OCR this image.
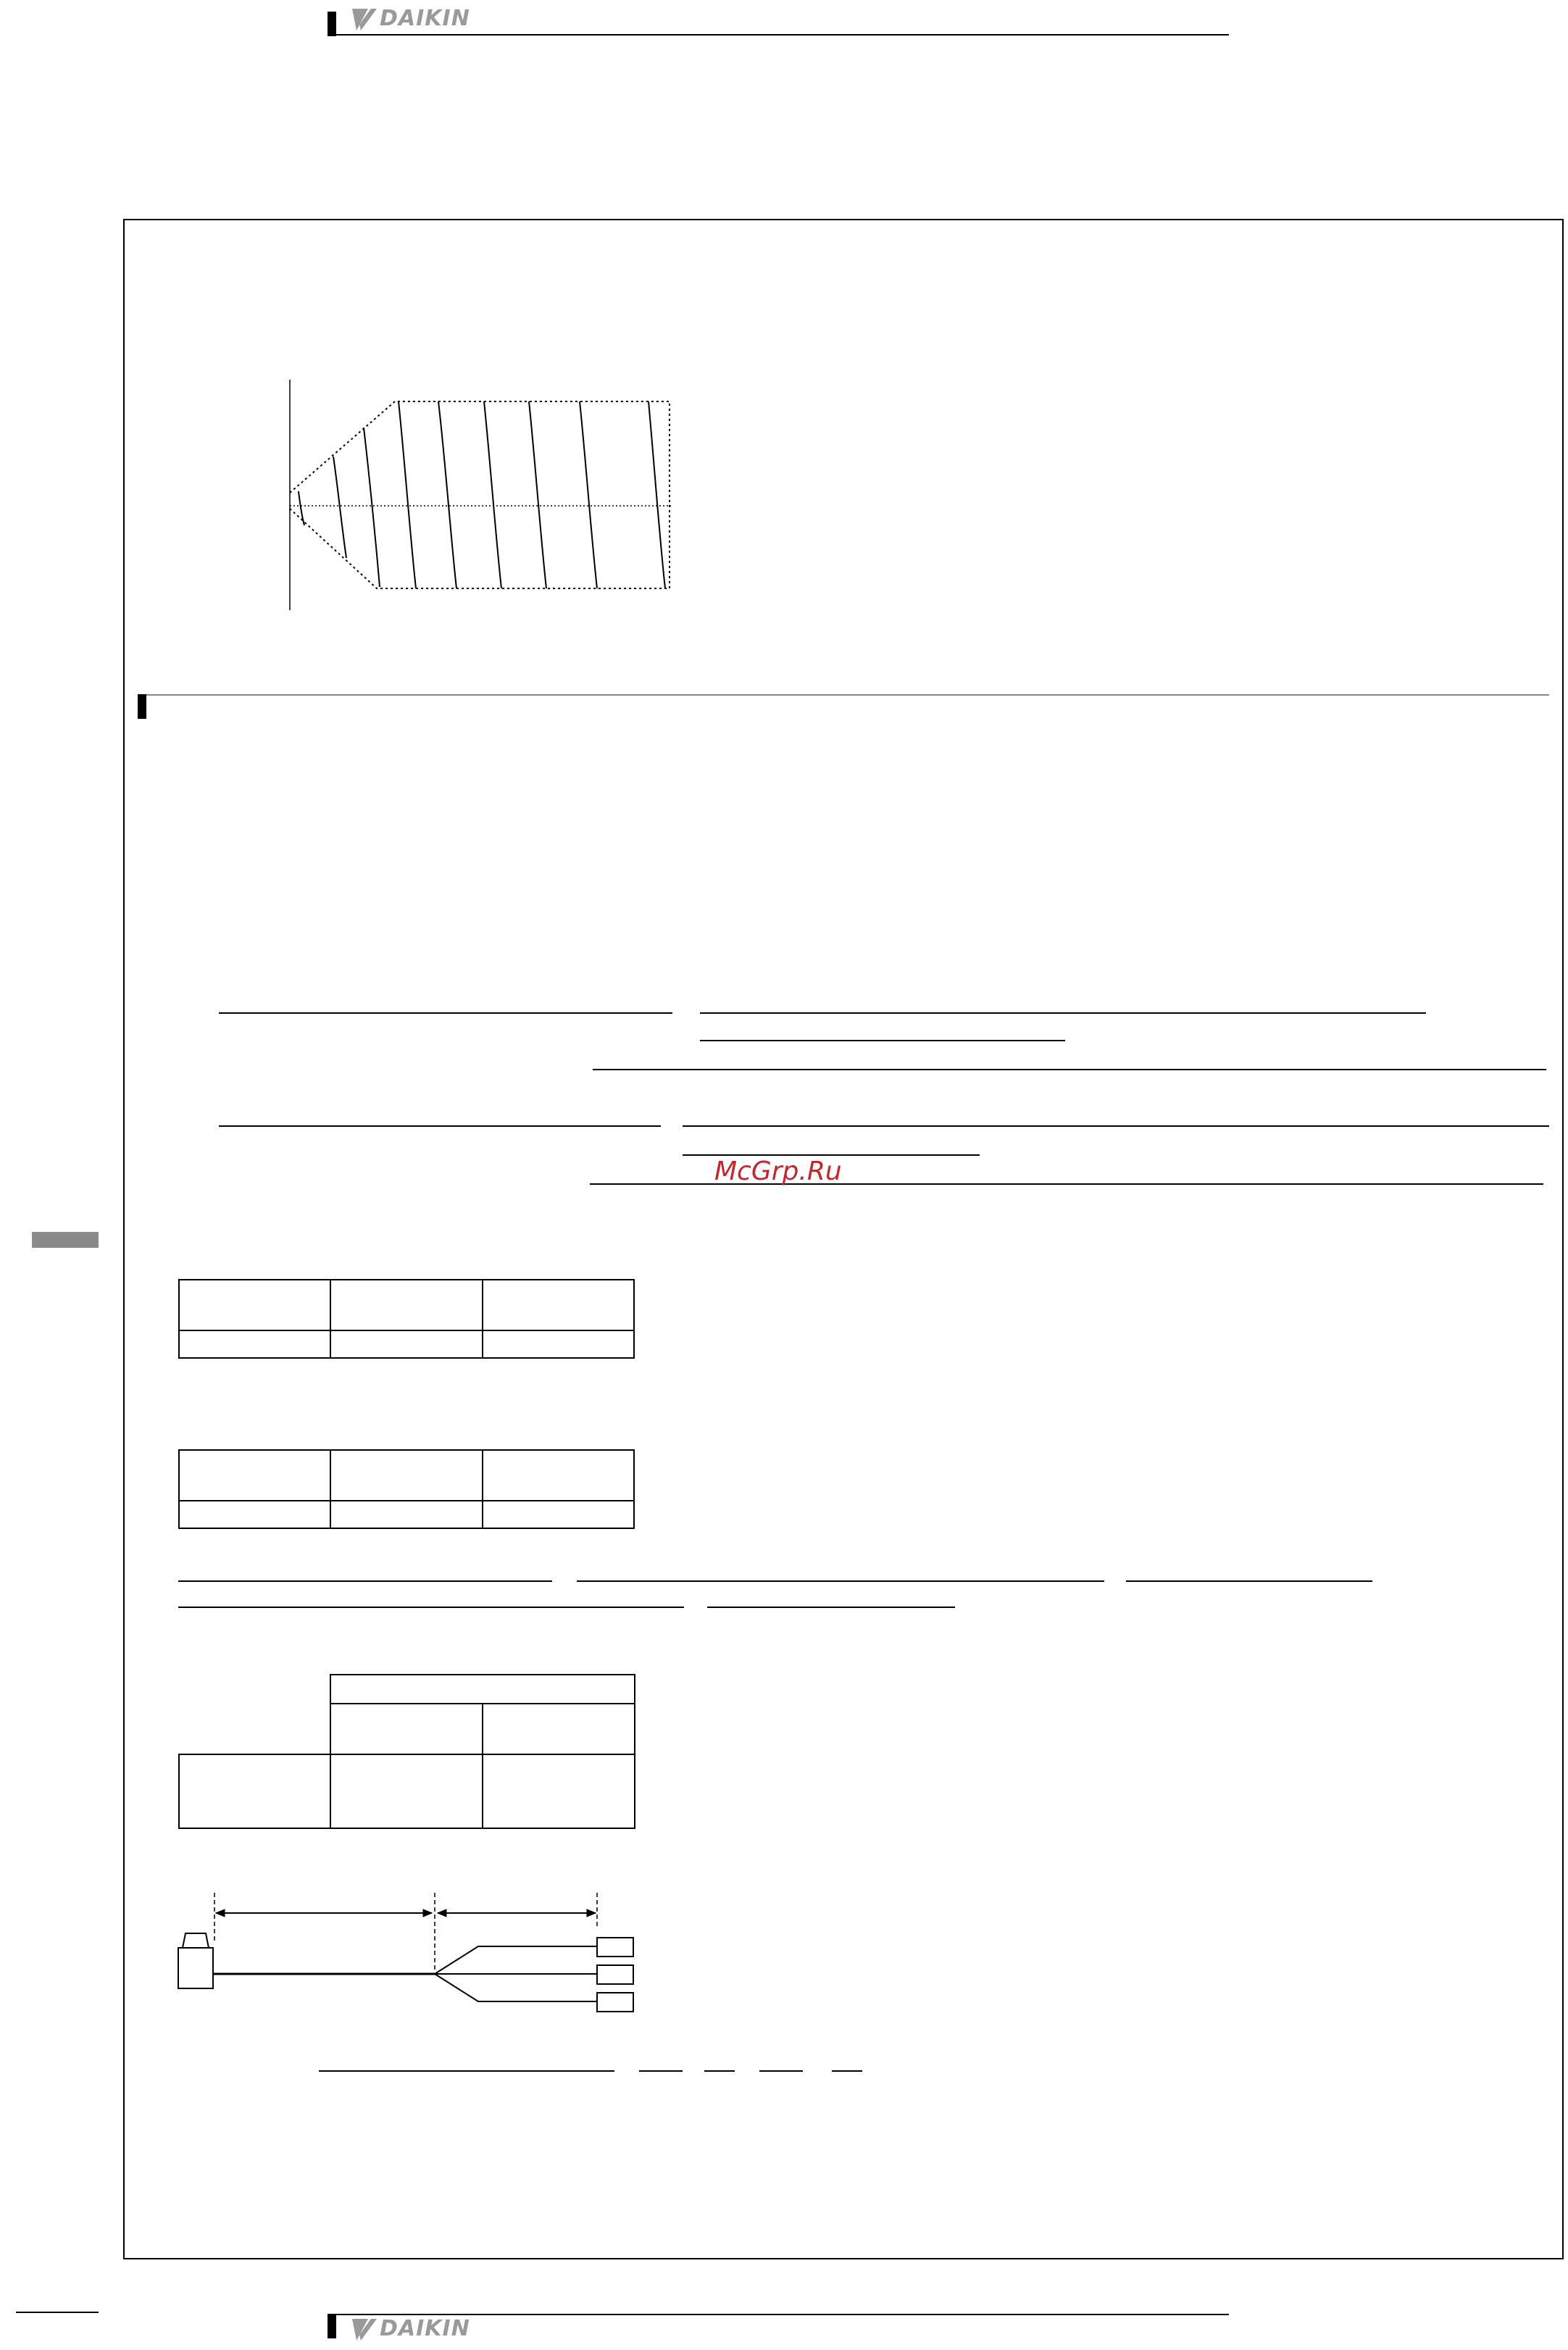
DAIKIN
McGrp.Ru

DAIKIN
